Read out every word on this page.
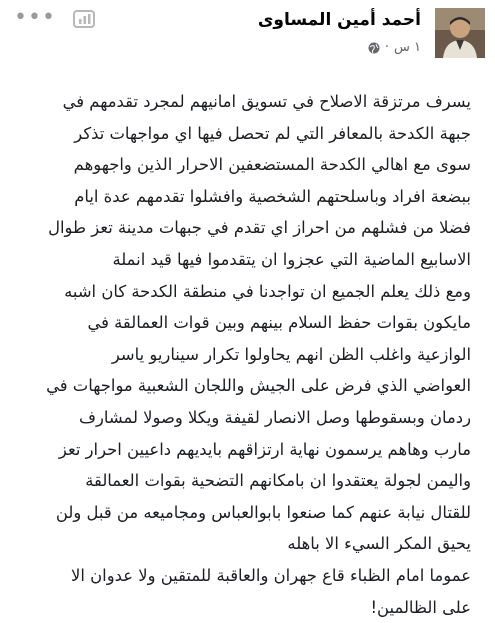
•••	أحمد أمين المساوى
١ س
·

يسرف مرتزقة الاصلاح في تسويق امانيهم لمجرد تقدمهم في

جبهة الكدحة بالمعافر التي لم تحصل فيها اي مواجهات تذكر

سوى مع اهالي الكدحة المستضعفين الاحرار الذين واجهوهم

ببضعة افراد وباسلحتهم الشخصية وافشلوا تقدمهم عدة ايام

فضلا من فشلهم من احراز اي تقدم في جبهات مدينة تعز طوال

الاسابيع الماضية التي عجزوا ان يتقدموا فيها قيد انملة

ومع ذلك يعلم الجميع ان تواجدنا في منطقة الكدحة كان اشبه

مايكون بقوات حفظ السلام بينهم وبين قوات العمالقة في

الوازعية واغلب الظن انهم يحاولوا تكرار سيناريو ياسر

العواضي الذي فرض على الجيش واللجان الشعبية مواجهات في

ردمان وبسقوطها وصل الانصار لقيفة ويكلا وصولا لمشارف

مارب وهاهم يرسمون نهاية ارتزاقهم بايديهم داعيين احرار تعز

واليمن لجولة يعتقدوا ان بامكانهم التضحية بقوات العمالقة

للقتال نيابة عنهم كما صنعوا بابوالعباس ومجاميعه من قبل ولن

يحيق المكر السيء الا باهله

عموما امام الظباء قاع جهران والعاقبة للمتقين ولا عدوان الا

على الظالمين!
